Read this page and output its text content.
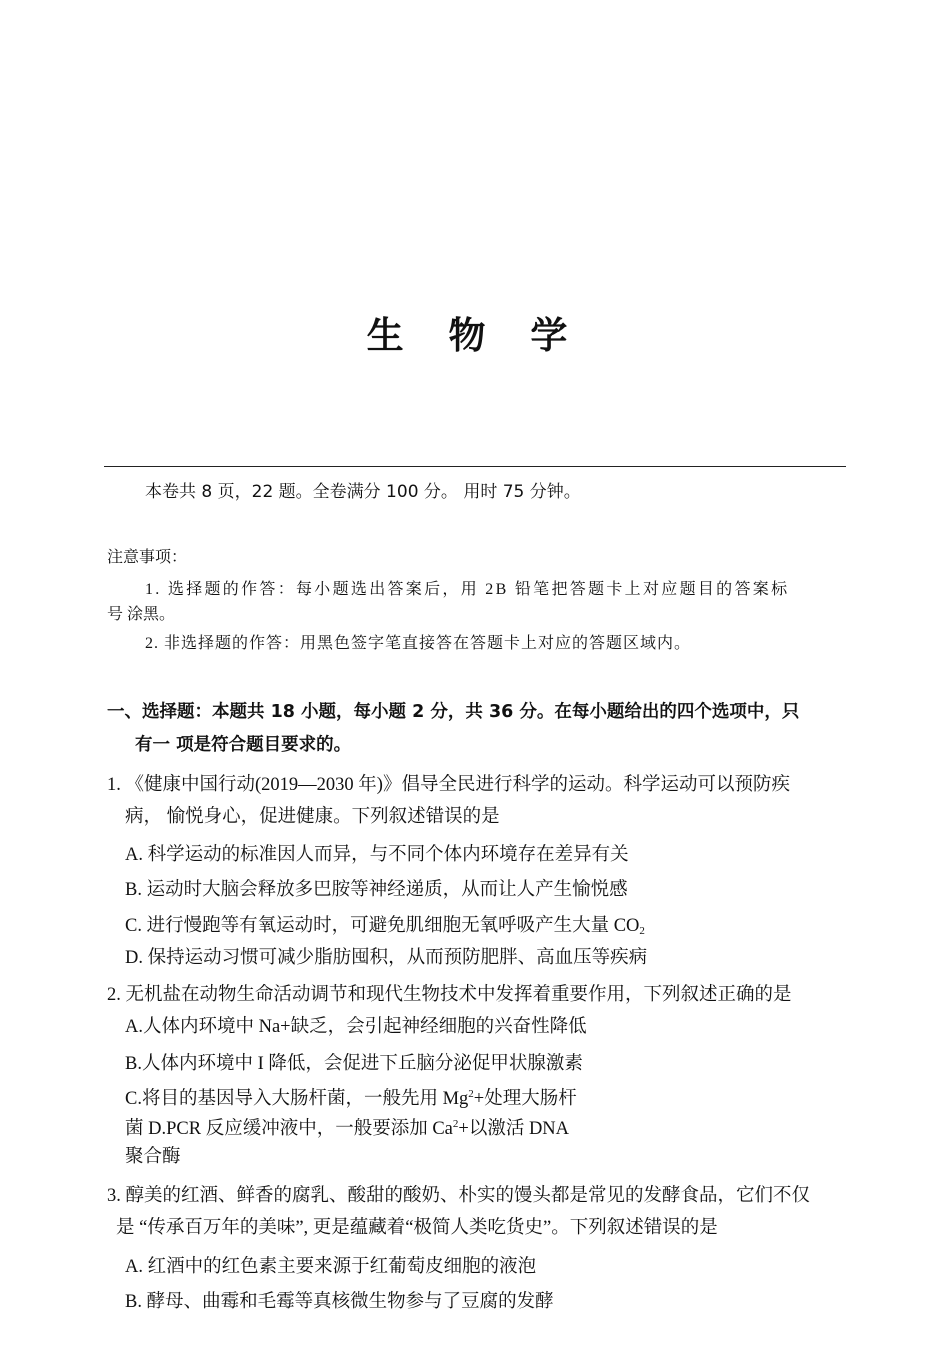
生 物 学
本卷共 8 页，22 题。全卷满分 100 分。 用时 75 分钟。
注意事项：
1. 选择题的作答：每小题选出答案后，用 2B 铅笔把答题卡上对应题目的答案标
号 涂黑。
2. 非选择题的作答：用黑色签字笔直接答在答题卡上对应的答题区域内。
一、选择题：本题共 18 小题，每小题 2 分，共 36 分。在每小题给出的四个选项中，只
有一 项是符合题目要求的。
1. 《健康中国行动(2019—2030 年)》倡导全民进行科学的运动。科学运动可以预防疾
病， 愉悦身心，促进健康。下列叙述错误的是
A. 科学运动的标准因人而异，与不同个体内环境存在差异有关
B. 运动时大脑会释放多巴胺等神经递质，从而让人产生愉悦感
C. 进行慢跑等有氧运动时，可避免肌细胞无氧呼吸产生大量 $CO_2$
D. 保持运动习惯可减少脂肪囤积，从而预防肥胖、高血压等疾病
2. 无机盐在动物生命活动调节和现代生物技术中发挥着重要作用，下列叙述正确的是
A.人体内环境中 Na+缺乏，会引起神经细胞的兴奋性降低
B.人体内环境中 I 降低，会促进下丘脑分泌促甲状腺激素
C.将目的基因导入大肠杆菌，一般先用 $Mg^2+$处理大肠杆
菌 D.PCR 反应缓冲液中，一般要添加 $Ca^2+$以激活 DNA
聚合酶
3. 醇美的红酒、鲜香的腐乳、酸甜的酸奶、朴实的馒头都是常见的发酵食品，它们不仅
是 “传承百万年的美味”, 更是蕴藏着“极简人类吃货史”。下列叙述错误的是
A. 红酒中的红色素主要来源于红葡萄皮细胞的液泡
B. 酵母、曲霉和毛霉等真核微生物参与了豆腐的发酵
